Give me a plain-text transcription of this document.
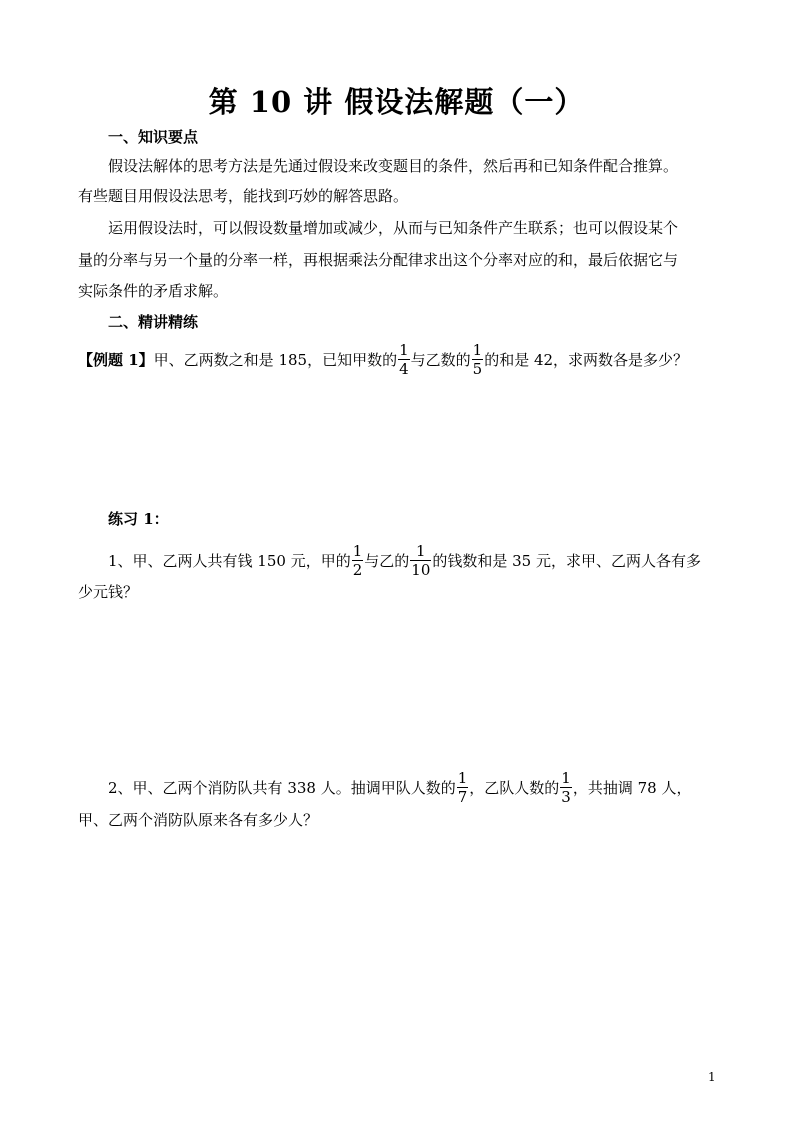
第 10 讲 假设法解题（一）
一、知识要点
假设法解体的思考方法是先通过假设来改变题目的条件，然后再和已知条件配合推算。
有些题目用假设法思考，能找到巧妙的解答思路。
运用假设法时，可以假设数量增加或减少，从而与已知条件产生联系；也可以假设某个
量的分率与另一个量的分率一样，再根据乘法分配律求出这个分率对应的和，最后依据它与
实际条件的矛盾求解。
二、精讲精练
【例题 1】甲、乙两数之和是 185，已知甲数的 $\frac{1}{4}$ 与乙数的 $\frac{1}{5}$ 的和是 42，求两数各是多少？
练习 1：
1、甲、乙两人共有钱 150 元，甲的 $\frac{1}{2}$ 与乙的 $\frac{1}{10}$ 的钱数和是 35 元，求甲、乙两人各有多
少元钱？
2、甲、乙两个消防队共有 338 人。抽调甲队人数的 $\frac{1}{7}$ ，乙队人数的 $\frac{1}{3}$ ，共抽调 78 人，
甲、乙两个消防队原来各有多少人？
1
